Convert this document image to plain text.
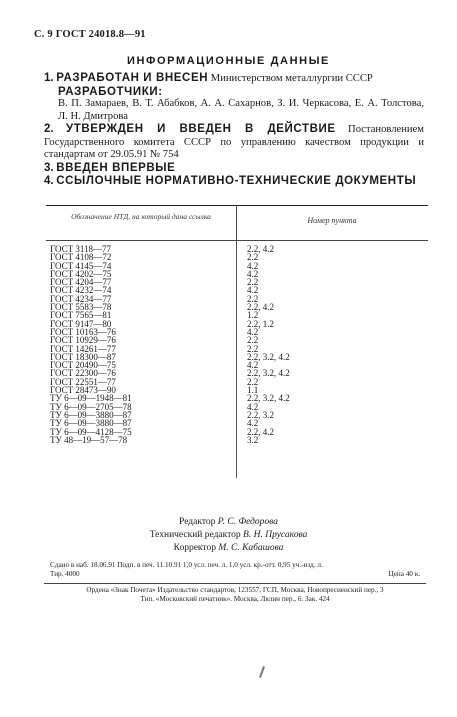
С. 9 ГОСТ 24018.8—91
ИНФОРМАЦИОННЫЕ ДАННЫЕ
1. РАЗРАБОТАН И ВНЕСЕН Министерством металлургии СССР
РАЗРАБОТЧИКИ:
В. П. Замараев, В. Т. Абабков, А. А. Сахарнов, З. И. Черкасова, Е. А. Толстова, Л. Н. Дмитрова
2. УТВЕРЖДЕН И ВВЕДЕН В ДЕЙСТВИЕ Постановлением Государственного комитета СССР по управлению качеством продукции и стандартам от 29.05.91 № 754
3. ВВЕДЕН ВПЕРВЫЕ
4. ССЫЛОЧНЫЕ НОРМАТИВНО-ТЕХНИЧЕСКИЕ ДОКУМЕНТЫ
Обозначение НТД, на который дана ссылка	Номер пункта
ГОСТ 3118—77	2.2, 4.2
ГОСТ 4108—72	2.2
ГОСТ 4145—74	4.2
ГОСТ 4202—75	4.2
ГОСТ 4204—77	2.2
ГОСТ 4232—74	4.2
ГОСТ 4234—77	2.2
ГОСТ 5583—78	2.2, 4.2
ГОСТ 7565—81	1.2
ГОСТ 9147—80	2.2, 1.2
ГОСТ 10163—76	4.2
ГОСТ 10929—76	2.2
ГОСТ 14261—77	2.2
ГОСТ 18300—87	2.2, 3.2, 4.2
ГОСТ 20490—75	4.2
ГОСТ 22300—76	2.2, 3.2, 4.2
ГОСТ 22551—77	2.2
ГОСТ 28473—90	1.1
ТУ 6—09—1948—81	2.2, 3.2, 4.2
ТУ 6—09—2705—78	4.2
ТУ 6—09—3880—87	2.2, 3.2
ТУ 6—09—3880—87	4.2
ТУ 6—09—4128—75	2.2, 4.2
ТУ 48—19—57—78	3.2
Редактор Р. С. Федорова
Технический редактор В. Н. Прусакова
Корректор М. С. Кабашова
Сдано в наб. 18.06.91 Подп. в печ. 11.10.91 1,0 усл. печ. л. 1,0 усл. кр.-отт. 0,95 уч.-изд. л.
Тир. 4000	Цена 40 к.
Ордена «Знак Почета» Издательство стандартов, 123557, ГСП, Москва, Новопресненский пер., 3
Тип. «Московский печатник». Москва, Лялин пер., 6. Зак. 424
